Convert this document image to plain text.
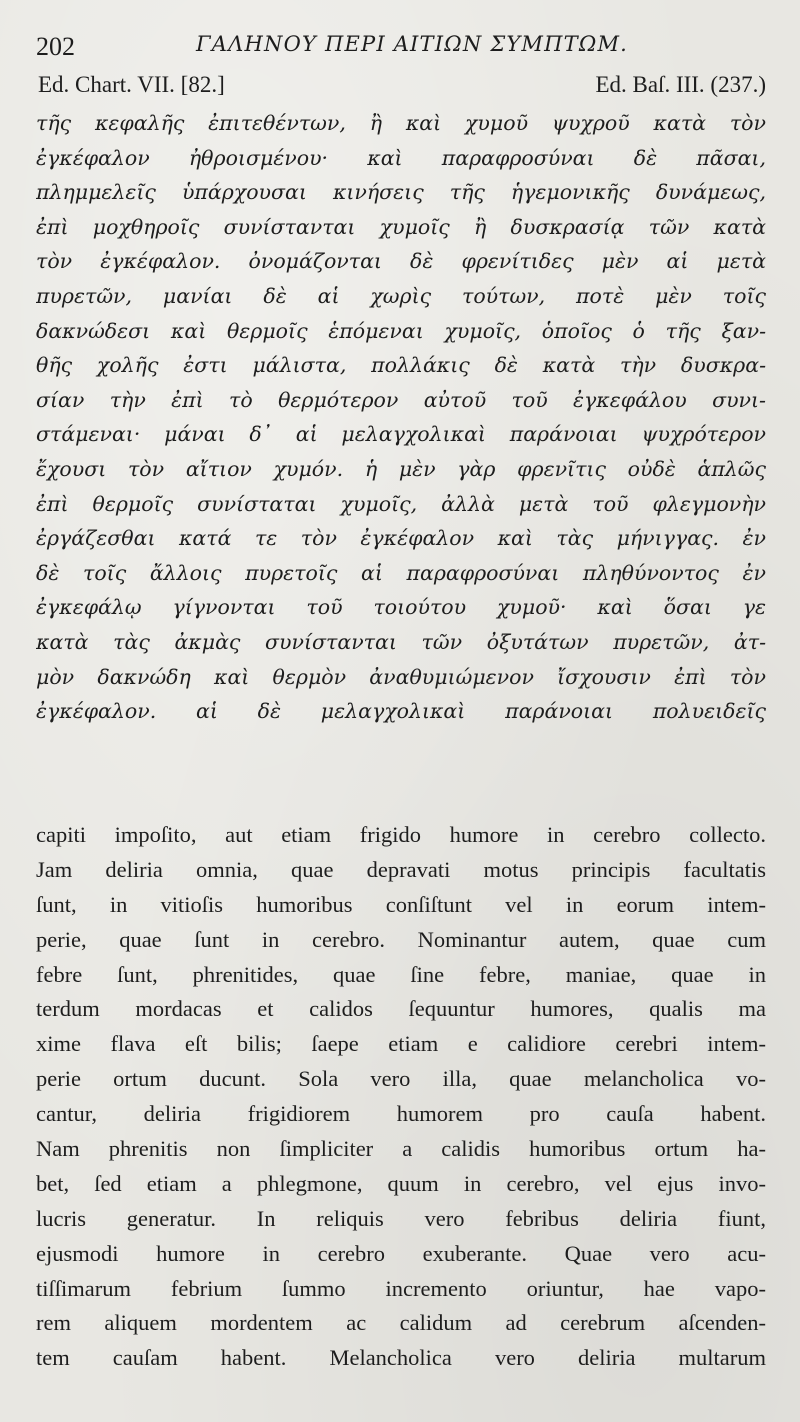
202	ΓΑΛΗΝΟΥ ΠΕΡΙ ΑΙΤΙΩΝ ΣΥΜΠΤΩΜ.
Ed. Chart. VII. [82.]	Ed. Baſ. III. (237.)
τῆς κεφαλῆς ἐπιτεθέντων, ἢ καὶ χυμοῦ ψυχροῦ κατὰ τὸν
ἐγκέφαλον ἠθροισμένου· καὶ παραφροσύναι δὲ πᾶσαι,
πλημμελεῖς ὑπάρχουσαι κινήσεις τῆς ἡγεμονικῆς δυνάμεως,
ἐπὶ μοχθηροῖς συνίστανται χυμοῖς ἢ δυσκρασίᾳ τῶν κατὰ
τὸν ἐγκέφαλον. ὀνομάζονται δὲ φρενίτιδες μὲν αἱ μετὰ
πυρετῶν, μανίαι δὲ αἱ χωρὶς τούτων, ποτὲ μὲν τοῖς
δακνώδεσι καὶ θερμοῖς ἑπόμεναι χυμοῖς, ὁποῖος ὁ τῆς ξαν-
θῆς χολῆς ἐστι μάλιστα, πολλάκις δὲ κατὰ τὴν δυσκρα-
σίαν τὴν ἐπὶ τὸ θερμότερον αὐτοῦ τοῦ ἐγκεφάλου συνι-
στάμεναι· μάναι δ᾽ αἱ μελαγχολικαὶ παράνοιαι ψυχρότερον
ἔχουσι τὸν αἴτιον χυμόν. ἡ μὲν γὰρ φρενῖτις οὐδὲ ἁπλῶς
ἐπὶ θερμοῖς συνίσταται χυμοῖς, ἀλλὰ μετὰ τοῦ φλεγμονὴν
ἐργάζεσθαι κατά τε τὸν ἐγκέφαλον καὶ τὰς μήνιγγας. ἐν
δὲ τοῖς ἄλλοις πυρετοῖς αἱ παραφροσύναι πληθύνοντος ἐν
ἐγκεφάλῳ γίγνονται τοῦ τοιούτου χυμοῦ· καὶ ὅσαι γε
κατὰ τὰς ἀκμὰς συνίστανται τῶν ὀξυτάτων πυρετῶν, ἀτ-
μὸν δακνώδη καὶ θερμὸν ἀναθυμιώμενον ἴσχουσιν ἐπὶ τὸν
ἐγκέφαλον. αἱ δὲ μελαγχολικαὶ παράνοιαι πολυειδεῖς
capiti impoſito, aut etiam frigido humore in cerebro collecto.
Jam deliria omnia, quae depravati motus principis facultatis
ſunt, in vitioſis humoribus conſiſtunt vel in eorum intem-
perie, quae ſunt in cerebro. Nominantur autem, quae cum
febre ſunt, phrenitides, quae ſine febre, maniae, quae in
terdum mordacas et calidos ſequuntur humores, qualis ma
xime flava eſt bilis; ſaepe etiam e calidiore cerebri intem-
perie ortum ducunt. Sola vero illa, quae melancholica vo-
cantur, deliria frigidiorem humorem pro cauſa habent.
Nam phrenitis non ſimpliciter a calidis humoribus ortum ha-
bet, ſed etiam a phlegmone, quum in cerebro, vel ejus invo-
lucris generatur. In reliquis vero febribus deliria fiunt,
ejusmodi humore in cerebro exuberante. Quae vero acu-
tiſſimarum febrium ſummo incremento oriuntur, hae vapo-
rem aliquem mordentem ac calidum ad cerebrum aſcenden-
tem cauſam habent. Melancholica vero deliria multarum
